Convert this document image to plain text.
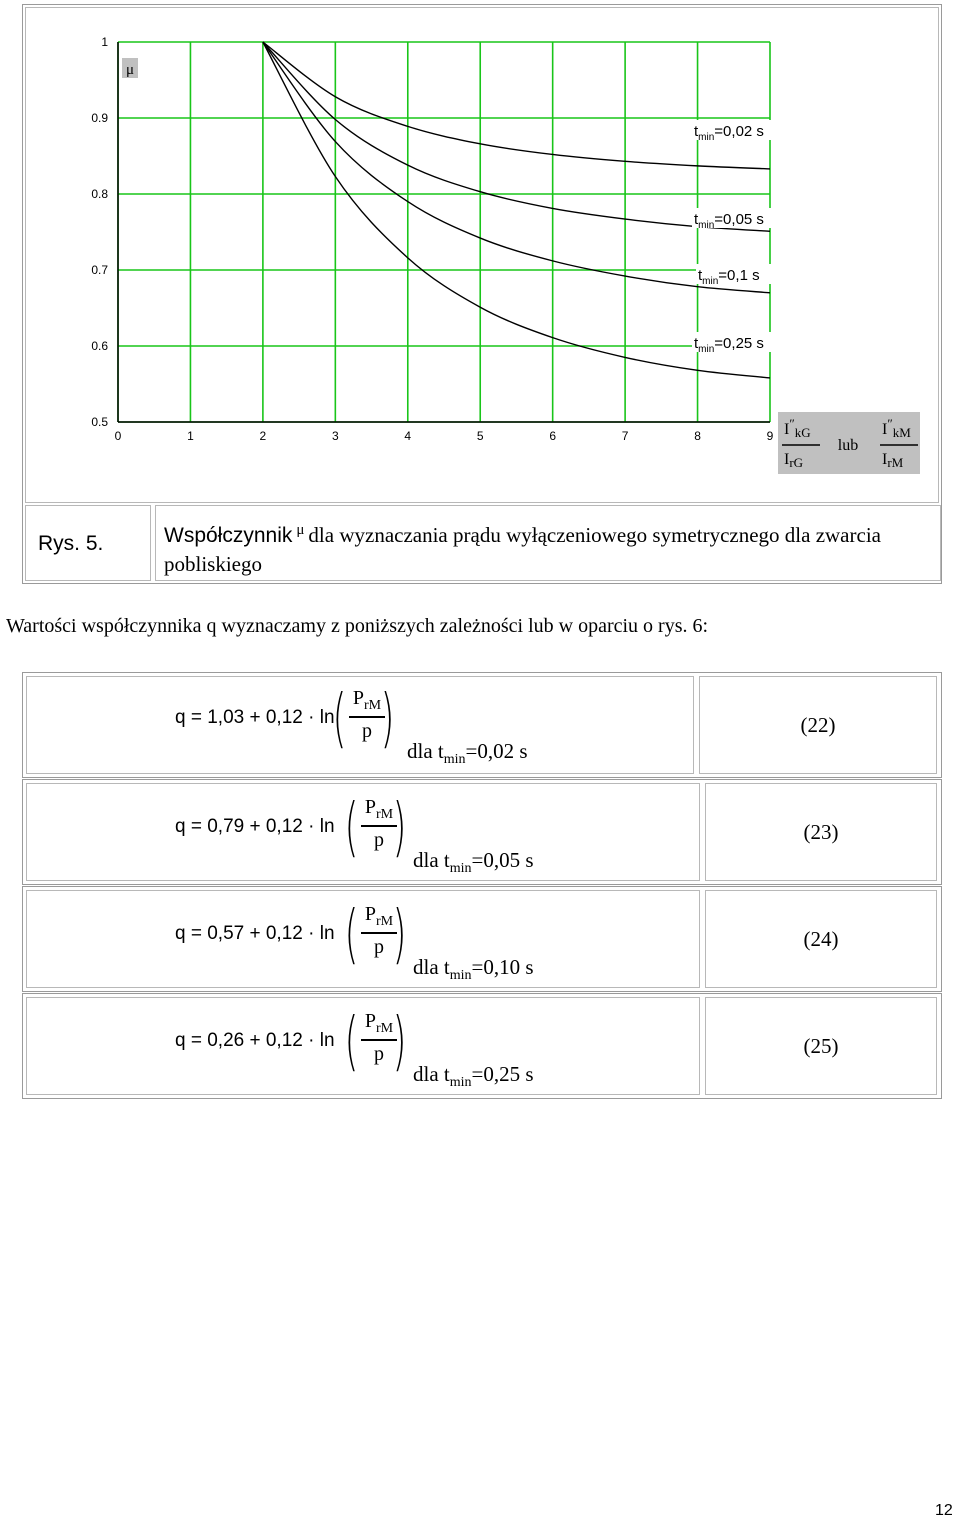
0	1	2	3	4	5	6	7	8	9
0.5
0.6
0.7
0.8
0.9
1
μ
$t_{min}=0,02$ s
$t_{min}=0,05$ s
$t_{min}=0,1$ s
$t_{min}=0,25$ s
$I''_{kG}$
IrG
lub
$I''_{kM}$
IrM
Rys. 5.	Współczynnik $^\mu$ dla wyznaczania prądu wyłączeniowego symetrycznego dla zwarcia pobliskiego
Wartości współczynnika q wyznaczamy z poniższych zależności lub w oparciu o rys. 6:
q = 1,03 + 0,12 · ln
( $P_{rM}$
p ) dla $t_{min}=0,02$ s
(22)
q = 0,79 + 0,12 · ln ( $P_{rM}$
p ) dla $t_{min}=0,05$ s
(23)
q = 0,57 + 0,12 · ln ( $P_{rM}$
p ) dla $t_{min}=0,10$ s
(24)
q = 0,26 + 0,12 · ln ( $P_{rM}$
p ) dla $t_{min}=0,25$ s
(25)
12
